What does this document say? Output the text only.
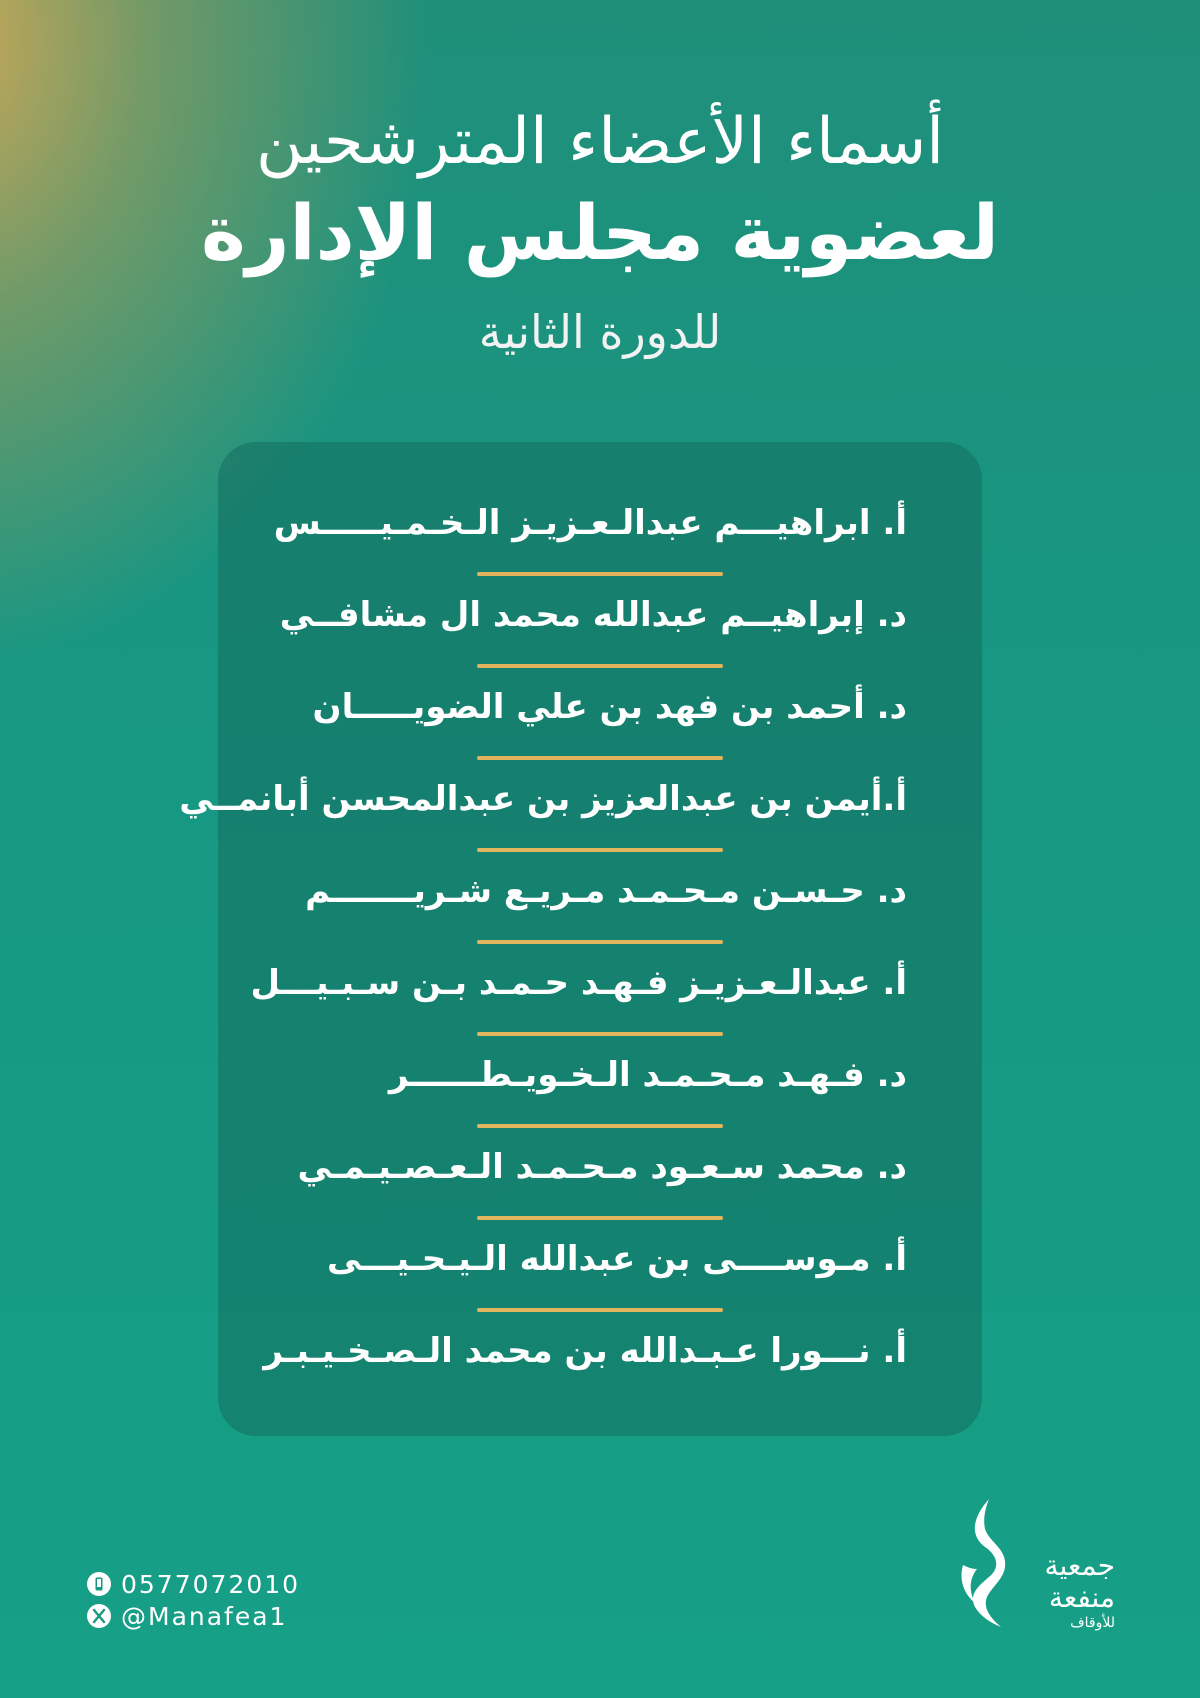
أسماء الأعضاء المترشحين
لعضوية مجلس الإدارة
للدورة الثانية
أ. ابراهيـــم عبدالـعـزيـز الـخـمـيـــــس
د. إبراهيــم عبدالله محمد ال مشافــي
د. أحمد بن فهد بن علي الضويـــــان
أ.أيمن بن عبدالعزيز بن عبدالمحسن أبانمــي
د. حـسـن مـحـمـد مـريـع شـريـــــــم
أ. عبدالـعـزيـز فـهـد حـمـد بـن سـبـيـــل
د. فـهـد مـحـمـد الـخـويـطــــــر
د. محمد سـعـود مـحـمـد الـعـصـيـمـي
أ. مـوســــى بن عبدالله الـيـحـيـــى
أ. نـــورا عـبـدالله بن محمد الـصـخـيـبـر
0577072010
@Manafea1
جمعية
منفعة
للأوقاف
